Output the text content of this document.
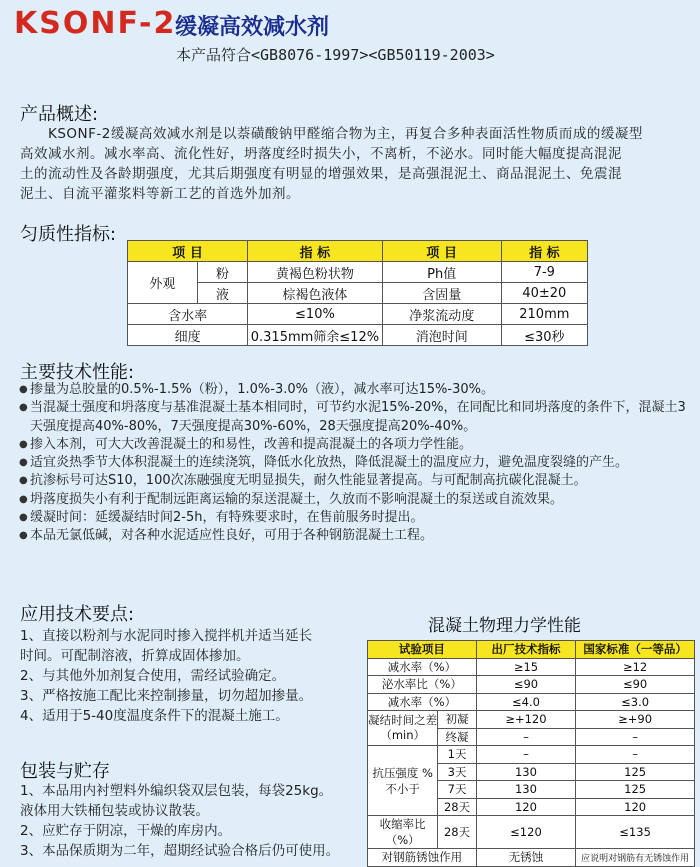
KSONF-2
缓凝高效减水剂
本产品符合<GB8076-1997><GB50119-2003>
产品概述:
KSONF-2缓凝高效减水剂是以萘磺酸钠甲醛缩合物为主，再复合多种表面活性物质而成的缓凝型
高效减水剂。减水率高、流化性好，坍落度经时损失小，不离析，不泌水。同时能大幅度提高混泥
土的流动性及各龄期强度，尤其后期强度有明显的增强效果，是高强混泥土、商品混泥土、免震混
泥土、自流平灌浆料等新工艺的首选外加剂。
匀质性指标:
项 目		指 标	项 目	指 标
外观	粉	黄褐色粉状物	Ph值	7-9
	液	棕褐色液体	含固量	40±20
含水率		≤10%	净浆流动度	210mm
细度		0.315mm筛余≤12%	消泡时间	≤30秒
主要技术性能:
● 掺量为总胶量的0.5%-1.5%（粉），1.0%-3.0%（液），减水率可达15%-30%。
● 当混凝土强度和坍落度与基准混凝土基本相同时，可节约水泥15%-20%，在同配比和同坍落度的条件下，混凝土3天强度提高40%-80%，7天强度提高30%-60%，28天强度提高20%-40%。
● 掺入本剂，可大大改善混凝土的和易性，改善和提高混凝土的各项力学性能。
● 适宜炎热季节大体积混凝土的连续浇筑，降低水化放热，降低混凝土的温度应力，避免温度裂缝的产生。
● 抗渗标号可达S10，100次冻融强度无明显损失，耐久性能显著提高。与可配制高抗碳化混凝土。
● 坍落度损失小有利于配制远距离运输的泵送混凝土，久放而不影响混凝土的泵送或自流效果。
● 缓凝时间：延缓凝结时间2-5h，有特殊要求时，在售前服务时提出。
● 本品无氯低碱，对各种水泥适应性良好，可用于各种钢筋混凝土工程。
应用技术要点:
1、直接以粉剂与水泥同时掺入搅拌机并适当延长
时间。可配制溶液，折算成固体掺加。
2、与其他外加剂复合使用，需经试验确定。
3、严格按施工配比来控制掺量，切勿超加掺量。
4、适用于5-40度温度条件下的混凝土施工。
包装与贮存
1、本品用内衬塑料外编织袋双层包装，每袋25kg。
液体用大铁桶包装或协议散装。
2、应贮存于阴凉，干燥的库房内。
3、本品保质期为二年，超期经试验合格后仍可使用。
混凝土物理力学性能
试验项目		出厂技术指标	国家标准（一等品）
减水率（%）		≥15	≥12
泌水率比（%）		≤90	≤90
减水率（%）		≤4.0	≤3.0
凝结时间之差（min）	初凝	≥+120	≥+90
	终凝	–	–
抗压强度 % 不小于	1天	–	–
	3天	130	125
	7天	130	125
	28天	120	120
收缩率比（%）	28天	≤120	≤135
对钢筋锈蚀作用		无锈蚀	应说明对钢筋有无锈蚀作用
